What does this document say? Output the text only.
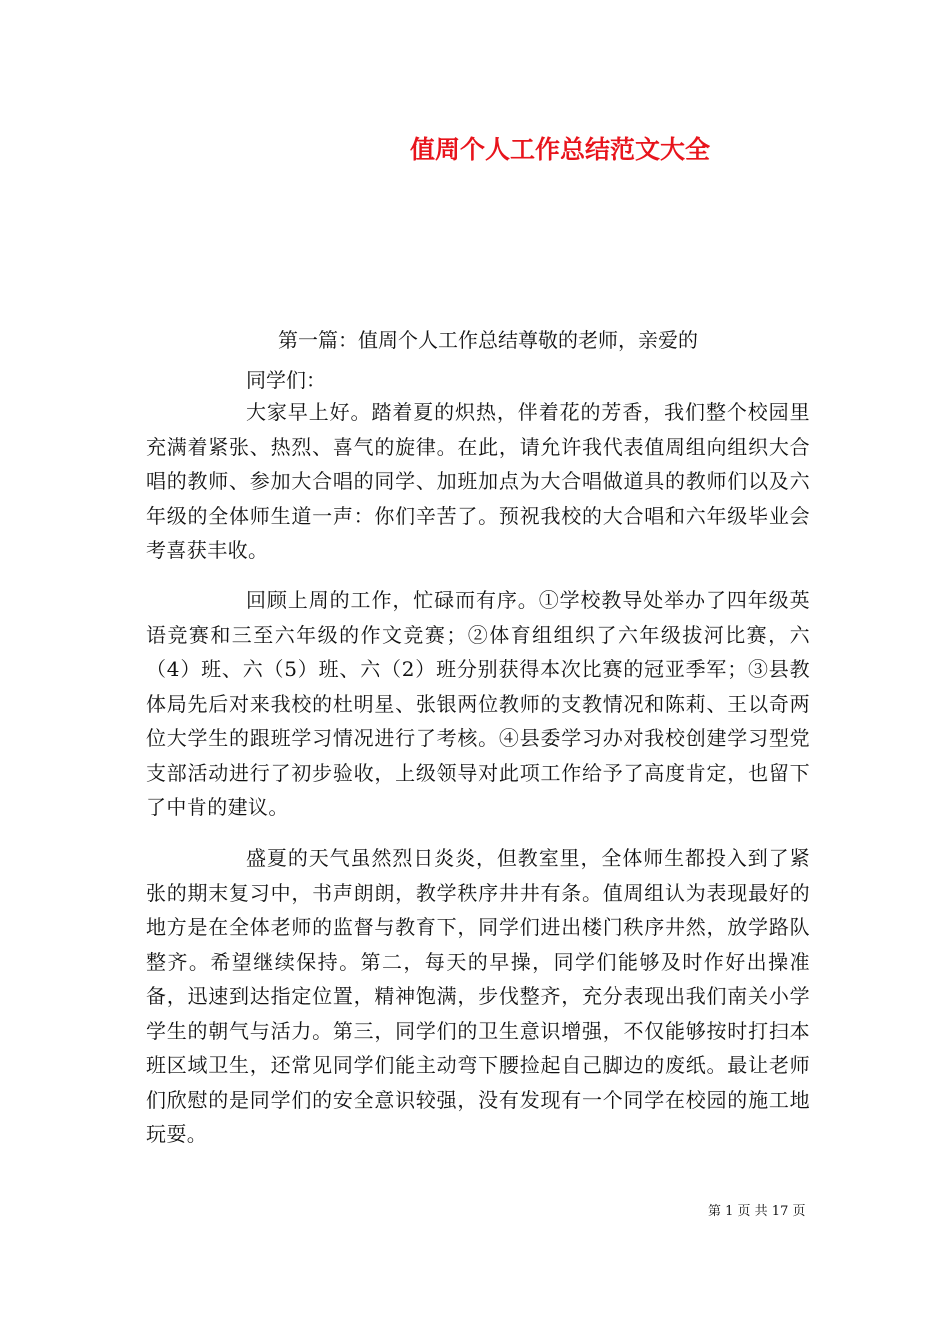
值周个人工作总结范文大全

第一篇：值周个人工作总结尊敬的老师，亲爱的

同学们：

大家早上好。踏着夏的炽热，伴着花的芳香，我们整个校园里充满着紧张、热烈、喜气的旋律。在此，请允许我代表值周组向组织大合唱的教师、参加大合唱的同学、加班加点为大合唱做道具的教师们以及六年级的全体师生道一声：你们辛苦了。预祝我校的大合唱和六年级毕业会考喜获丰收。

回顾上周的工作，忙碌而有序。①学校教导处举办了四年级英语竞赛和三至六年级的作文竞赛；②体育组组织了六年级拔河比赛，六（4）班、六（5）班、六（2）班分别获得本次比赛的冠亚季军；③县教体局先后对来我校的杜明星、张银两位教师的支教情况和陈莉、王以奇两位大学生的跟班学习情况进行了考核。④县委学习办对我校创建学习型党支部活动进行了初步验收，上级领导对此项工作给予了高度肯定，也留下了中肯的建议。

盛夏的天气虽然烈日炎炎，但教室里，全体师生都投入到了紧张的期末复习中，书声朗朗，教学秩序井井有条。值周组认为表现最好的地方是在全体老师的监督与教育下，同学们进出楼门秩序井然，放学路队整齐。希望继续保持。第二，每天的早操，同学们能够及时作好出操准备，迅速到达指定位置，精神饱满，步伐整齐，充分表现出我们南关小学学生的朝气与活力。第三，同学们的卫生意识增强，不仅能够按时打扫本班区域卫生，还常见同学们能主动弯下腰捡起自己脚边的废纸。最让老师们欣慰的是同学们的安全意识较强，没有发现有一个同学在校园的施工地玩耍。

第 1 页 共 17 页
